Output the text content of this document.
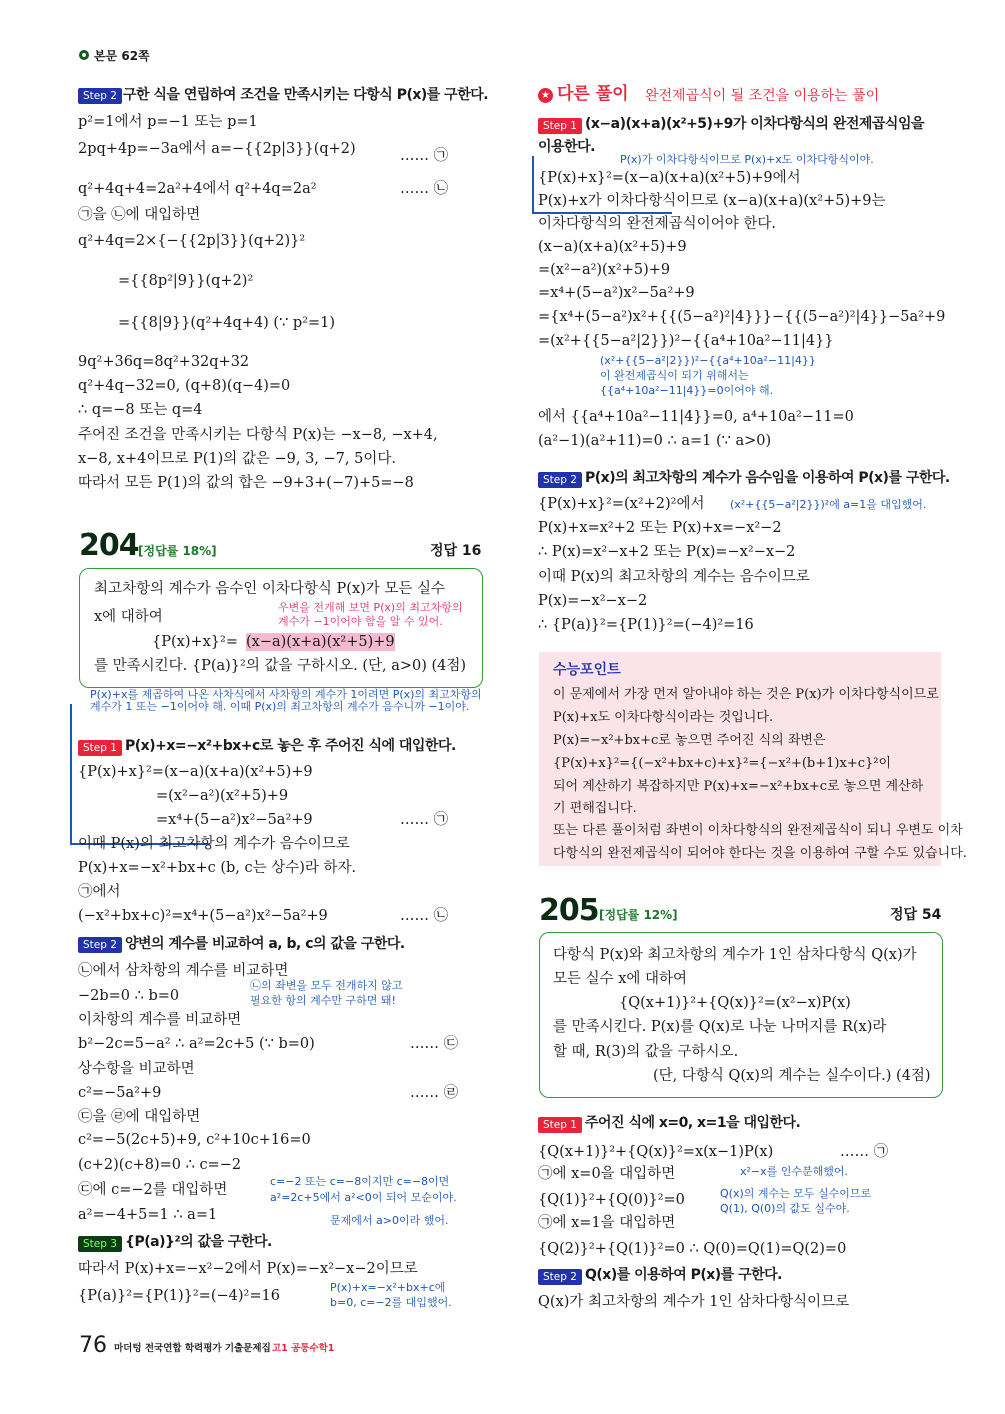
★
P(x)+x를 제곱하여 나온 사차식에서 사차항의 계수가 1이려면 P(x)의 최고차항의
계수가 1 또는 −1이어야 해. 이때 P(x)의 최고차항의 계수가 음수니까 −1이야.
본문 62쪽
76 마더텅 전국연합 학력평가 기출문제집 고1 공통수학1
Step 2 구한 식을 연립하여 조건을 만족시키는 다항식 P(x)를 구한다.
p²=1에서 p=−1 또는 p=1
2pq+4p=−3a에서 a=−{{2p|3}}(q+2)
q²+4q+4=2a²+4에서 q²+4q=2a²
㉠을 ㉡에 대입하면
q²+4q=2×{−{{2p|3}}(q+2)}²
={{8p²|9}}(q+2)²
={{8|9}}(q²+4q+4) (∵ p²=1)
9q²+36q=8q²+32q+32
q²+4q−32=0, (q+8)(q−4)=0
∴ q=−8 또는 q=4
주어진 조건을 만족시키는 다항식 P(x)는 −x−8, −x+4,
x−8, x+4이므로 P(1)의 값은 −9, 3, −7, 5이다.
따라서 모든 P(1)의 값의 합은 −9+3+(−7)+5=−8
…… ㉠
…… ㉡
204 [정답률 18%]	정답 16
최고차항의 계수가 음수인 이차다항식 P(x)가 모든 실수
x에 대하여
{P(x)+x}²= (x−a)(x+a)(x²+5)+9
를 만족시킨다. {P(a)}²의 값을 구하시오. (단, a>0) (4점)
우변을 전개해 보면 P(x)의 최고차항의
계수가 −1이어야 함을 알 수 있어.
Step 1 P(x)+x=−x²+bx+c로 놓은 후 주어진 식에 대입한다.
{P(x)+x}²=(x−a)(x+a)(x²+5)+9
=(x²−a²)(x²+5)+9
=x⁴+(5−a²)x²−5a²+9
이때 P(x)의 최고차항의 계수가 음수이므로
P(x)+x=−x²+bx+c (b, c는 상수)라 하자.
㉠에서
(−x²+bx+c)²=x⁴+(5−a²)x²−5a²+9
…… ㉠
…… ㉡
Step 2 양변의 계수를 비교하여 a, b, c의 값을 구한다.
㉡에서 삼차항의 계수를 비교하면
−2b=0 ∴ b=0
이차항의 계수를 비교하면
b²−2c=5−a² ∴ a²=2c+5 (∵ b=0)
상수항을 비교하면
c²=−5a²+9
㉢을 ㉣에 대입하면
c²=−5(2c+5)+9, c²+10c+16=0
(c+2)(c+8)=0 ∴ c=−2
㉢에 c=−2를 대입하면
a²=−4+5=1 ∴ a=1
…… ㉢
…… ㉣
㉡의 좌변을 모두 전개하지 않고
필요한 항의 계수만 구하면 돼!
c=−2 또는 c=−8이지만 c=−8이면
a²=2c+5에서 a²<0이 되어 모순이야.
문제에서 a>0이라 했어.
Step 3 {P(a)}²의 값을 구한다.
따라서 P(x)+x=−x²−2에서 P(x)=−x²−x−2이므로
{P(a)}²={P(1)}²=(−4)²=16
P(x)+x=−x²+bx+c에
b=0, c=−2를 대입했어.
다른 풀이 완전제곱식이 될 조건을 이용하는 풀이
Step 1 (x−a)(x+a)(x²+5)+9가 이차다항식의 완전제곱식임을
이용한다.
P(x)가 이차다항식이므로 P(x)+x도 이차다항식이야.
{P(x)+x}²=(x−a)(x+a)(x²+5)+9에서
P(x)+x가 이차다항식이므로 (x−a)(x+a)(x²+5)+9는
이차다항식의 완전제곱식이어야 한다.
(x−a)(x+a)(x²+5)+9
=(x²−a²)(x²+5)+9
=x⁴+(5−a²)x²−5a²+9
={x⁴+(5−a²)x²+{{(5−a²)²|4}}}−{{(5−a²)²|4}}−5a²+9
=(x²+{{5−a²|2}})²−{{a⁴+10a²−11|4}}
에서 {{a⁴+10a²−11|4}}=0, a⁴+10a²−11=0
(a²−1)(a²+11)=0 ∴ a=1 (∵ a>0)
(x²+{{5−a²|2}})²−{{a⁴+10a²−11|4}}
이 완전제곱식이 되기 위해서는
{{a⁴+10a²−11|4}}=0이어야 해.
Step 2 P(x)의 최고차항의 계수가 음수임을 이용하여 P(x)를 구한다.
{P(x)+x}²=(x²+2)²에서
P(x)+x=x²+2 또는 P(x)+x=−x²−2
∴ P(x)=x²−x+2 또는 P(x)=−x²−x−2
이때 P(x)의 최고차항의 계수는 음수이므로
P(x)=−x²−x−2
∴ {P(a)}²={P(1)}²=(−4)²=16
(x²+{{5−a²|2}})²에 a=1을 대입했어.
수능포인트
이 문제에서 가장 먼저 알아내야 하는 것은 P(x)가 이차다항식이므로
P(x)+x도 이차다항식이라는 것입니다.
P(x)=−x²+bx+c로 놓으면 주어진 식의 좌변은
{P(x)+x}²={(−x²+bx+c)+x}²={−x²+(b+1)x+c}²이
되어 계산하기 복잡하지만 P(x)+x=−x²+bx+c로 놓으면 계산하
기 편해집니다.
또는 다른 풀이처럼 좌변이 이차다항식의 완전제곱식이 되니 우변도 이차
다항식의 완전제곱식이 되어야 한다는 것을 이용하여 구할 수도 있습니다.
205 [정답률 12%]	정답 54
다항식 P(x)와 최고차항의 계수가 1인 삼차다항식 Q(x)가
모든 실수 x에 대하여
{Q(x+1)}²+{Q(x)}²=(x²−x)P(x)
를 만족시킨다. P(x)를 Q(x)로 나눈 나머지를 R(x)라
할 때, R(3)의 값을 구하시오.
(단, 다항식 Q(x)의 계수는 실수이다.) (4점)
Step 1 주어진 식에 x=0, x=1을 대입한다.
{Q(x+1)}²+{Q(x)}²=x(x−1)P(x)
㉠에 x=0을 대입하면
{Q(1)}²+{Q(0)}²=0
㉠에 x=1을 대입하면
{Q(2)}²+{Q(1)}²=0 ∴ Q(0)=Q(1)=Q(2)=0
…… ㉠
x²−x를 인수분해했어.
Q(x)의 계수는 모두 실수이므로
Q(1), Q(0)의 값도 실수야.
Step 2 Q(x)를 이용하여 P(x)를 구한다.
Q(x)가 최고차항의 계수가 1인 삼차다항식이므로
